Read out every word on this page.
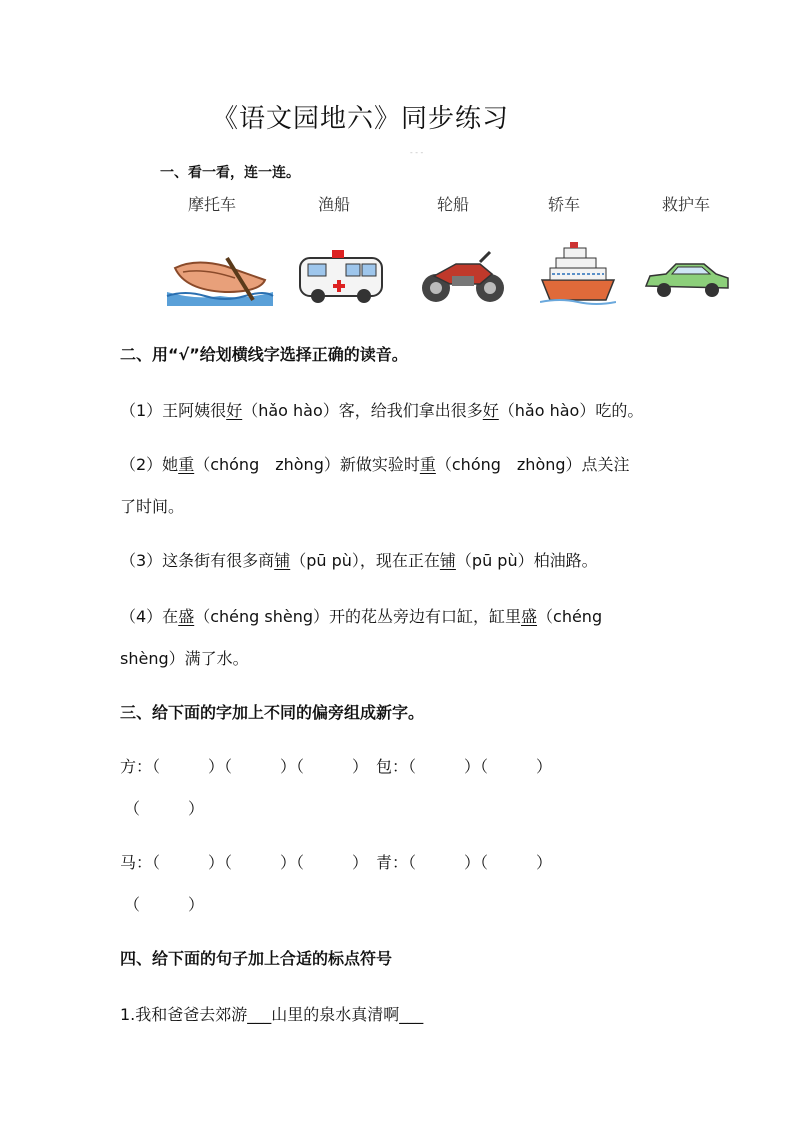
《语文园地六》同步练习
- - -
一、看一看，连一连。
摩托车	渔船	轮船	轿车	救护车
二、用“√”给划横线字选择正确的读音。
（1）王阿姨很好（hǎo hào）客，给我们拿出很多好（hǎo hào）吃的。
（2）她重（chóng　zhòng）新做实验时重（chóng　zhòng）点关注
了时间。
（3）这条街有很多商铺（pū pù），现在正在铺（pū pù）柏油路。
（4）在盛（chéng shèng）开的花丛旁边有口缸，缸里盛（chéng
shèng）满了水。
三、给下面的字加上不同的偏旁组成新字。
方：（　　　）（　　　）（　　　）　包：（　　　）（　　　）
（　　　）
马：（　　　）（　　　）（　　　）　青：（　　　）（　　　）
（　　　）
四、给下面的句子加上合适的标点符号
1.我和爸爸去郊游___山里的泉水真清啊___
